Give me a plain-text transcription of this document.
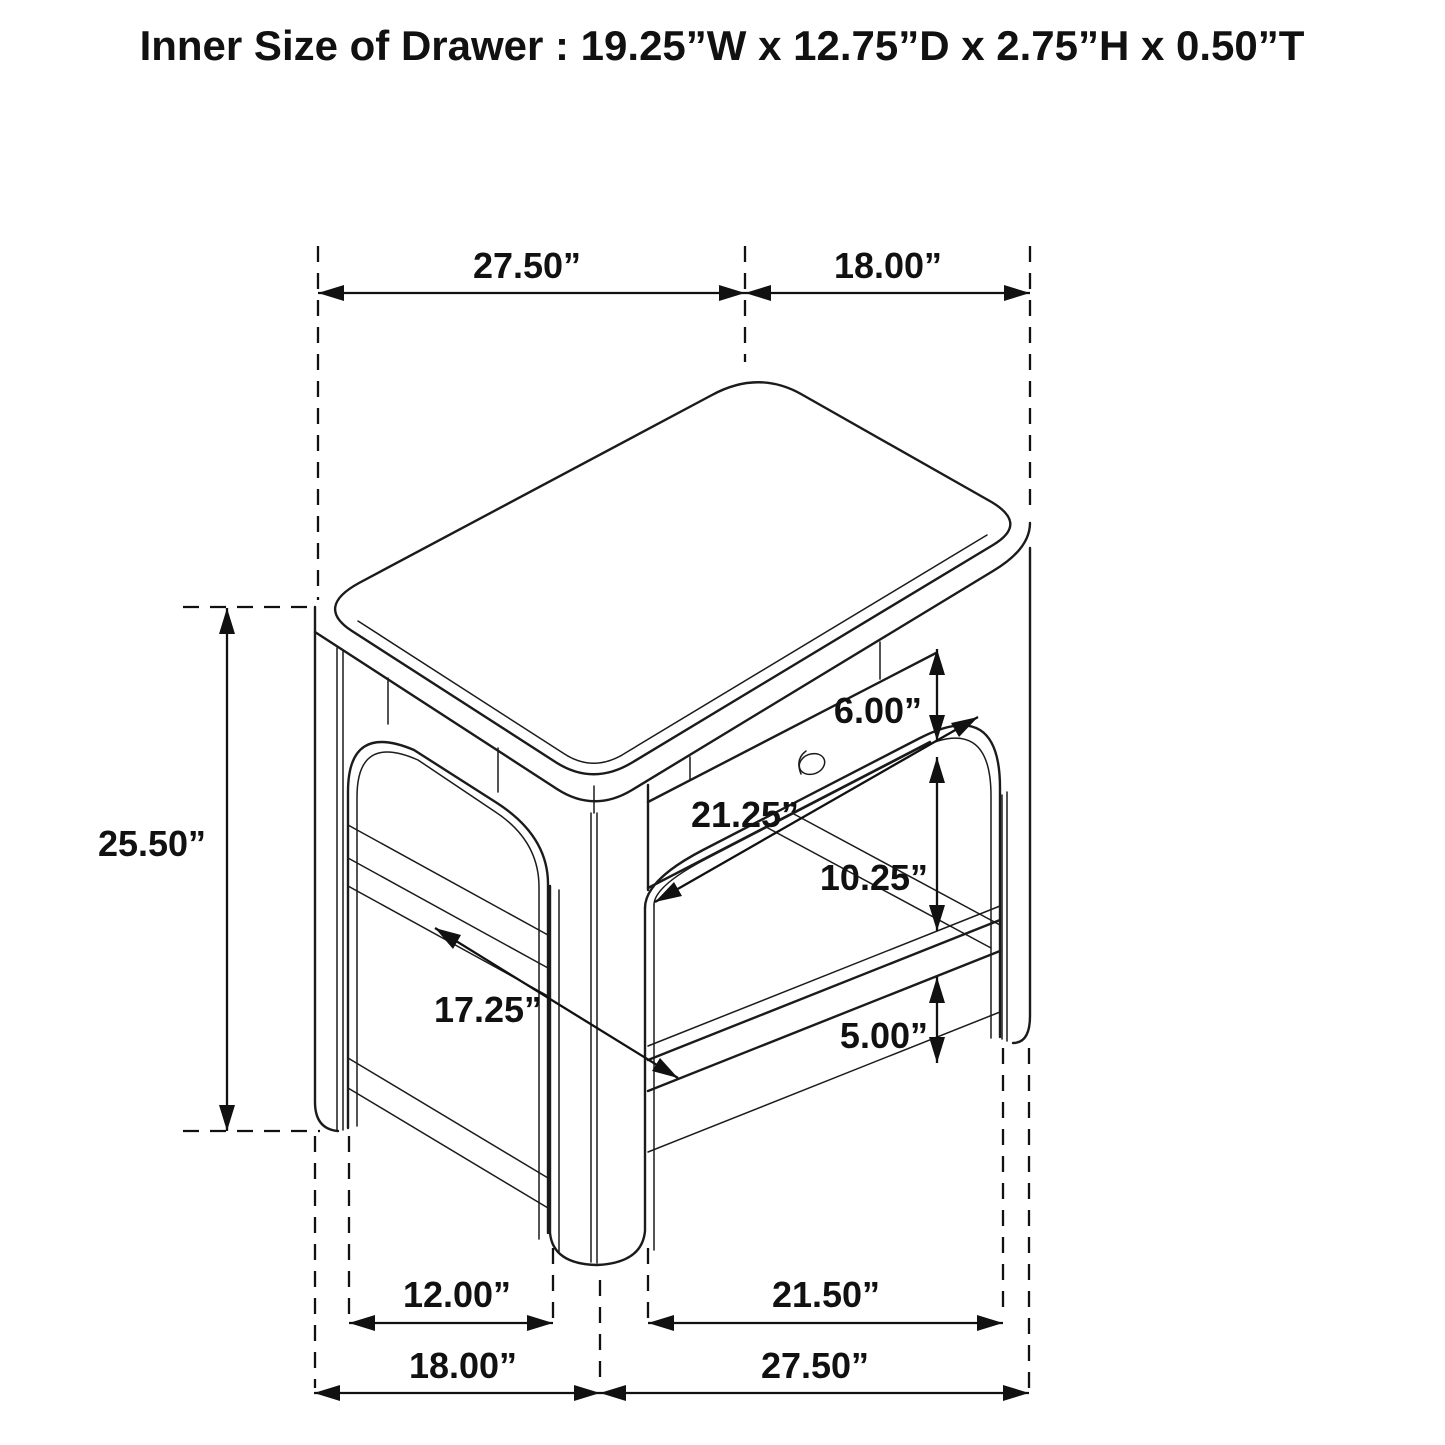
Inner Size of Drawer : 19.25”W x 12.75”D x 2.75”H x 0.50”T
27.50”	18.00”
25.50”
6.00”
21.25”
10.25”
17.25”
5.00”
12.00”	21.50”
18.00”	27.50”
